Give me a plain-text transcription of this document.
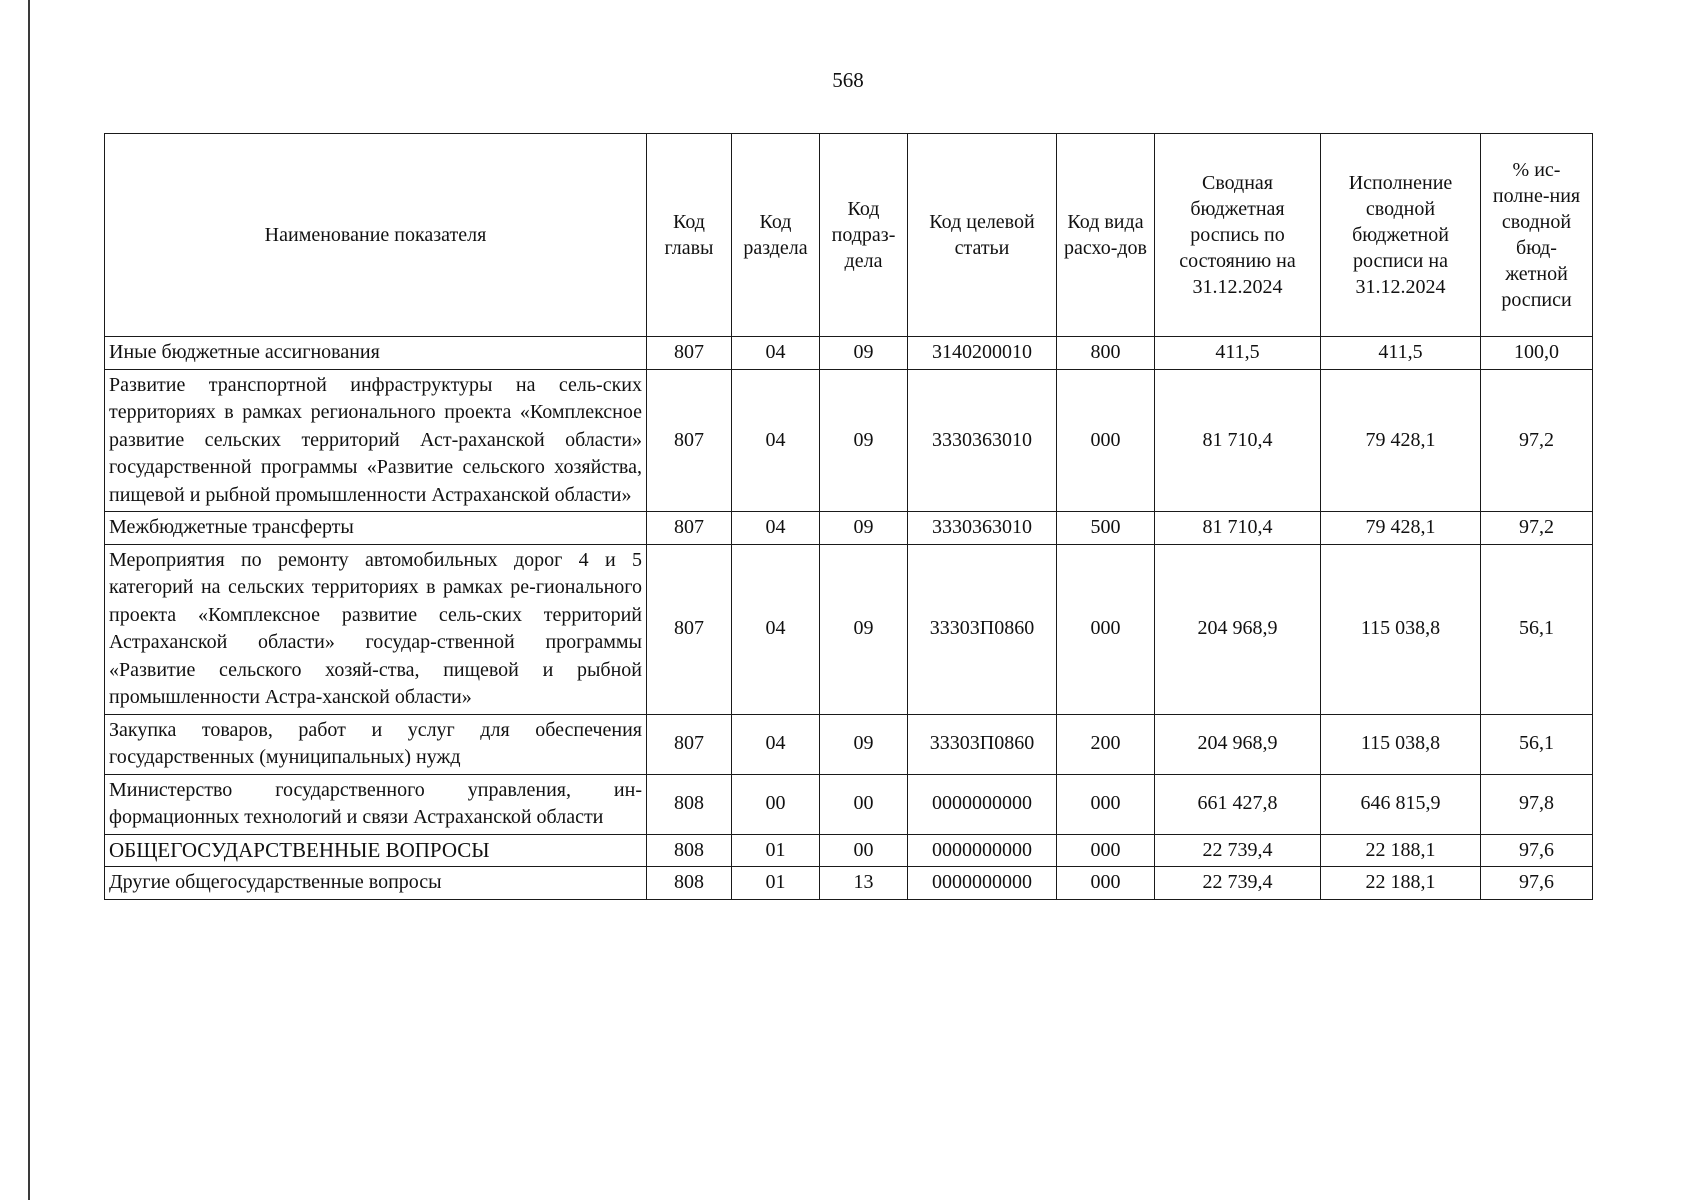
568
Наименование показателя	Код главы	Код раздела	Код подраз-дела	Код целевой статьи	Код вида расхо-дов	Сводная бюджетная роспись по состоянию на 31.12.2024	Исполнение сводной бюджетной росписи на 31.12.2024	% ис-полне-ния сводной бюд-жетной росписи
Иные бюджетные ассигнования	807	04	09	3140200010	800	411,5	411,5	100,0
Развитие транспортной инфраструктуры на сель-ских территориях в рамках регионального проекта «Комплексное развитие сельских территорий Аст-раханской области» государственной программы «Развитие сельского хозяйства, пищевой и рыбной промышленности Астраханской области»	807	04	09	3330363010	000	81 710,4	79 428,1	97,2
Межбюджетные трансферты	807	04	09	3330363010	500	81 710,4	79 428,1	97,2
Мероприятия по ремонту автомобильных дорог 4 и 5 категорий на сельских территориях в рамках ре-гионального проекта «Комплексное развитие сель-ских территорий Астраханской области» государ-ственной программы «Развитие сельского хозяй-ства, пищевой и рыбной промышленности Астра-ханской области»	807	04	09	33303П0860	000	204 968,9	115 038,8	56,1
Закупка товаров, работ и услуг для обеспечения государственных (муниципальных) нужд	807	04	09	33303П0860	200	204 968,9	115 038,8	56,1
Министерство государственного управления, ин-формационных технологий и связи Астраханской области	808	00	00	0000000000	000	661 427,8	646 815,9	97,8
ОБЩЕГОСУДАРСТВЕННЫЕ ВОПРОСЫ	808	01	00	0000000000	000	22 739,4	22 188,1	97,6
Другие общегосударственные вопросы	808	01	13	0000000000	000	22 739,4	22 188,1	97,6
